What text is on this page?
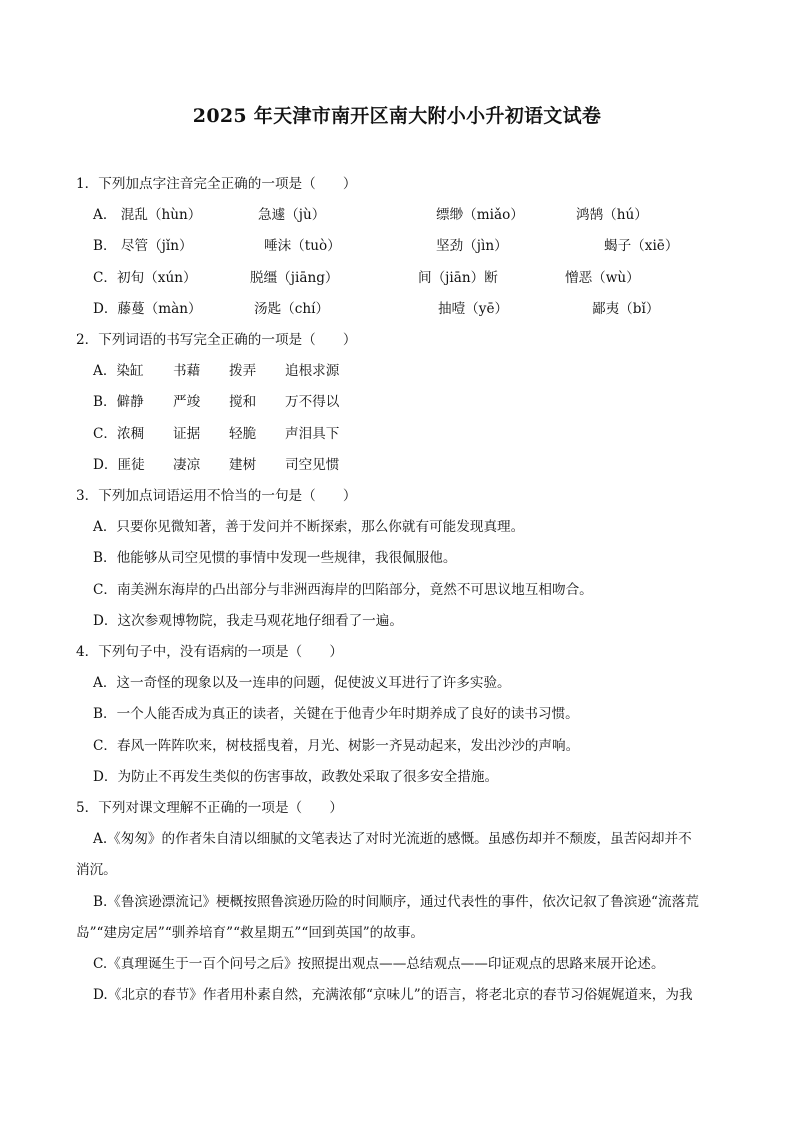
2025 年天津市南开区南大附小小升初语文试卷
1．下列加点字注音完全正确的一项是（　　）
A． 混乱（hùn）	急遽（jù）	缥缈（miǎo）	鸿鹄（hú）
B． 尽管（jǐn）	唾沫（tuò）	坚劲（jìn）	蝎子（xiē）
C．初旬（xún）	脱缰（jiāng）	间（jiān）断	憎恶（wù）
D．藤蔓（màn）	汤匙（chí）	抽噎（yē）	鄙夷（bǐ）
2．下列词语的书写完全正确的一项是（　　）
A．染缸 书藉 拨弄 追根求源
B．僻静 严竣 搅和 万不得以
C．浓稠 证据 轻脆 声泪具下
D．匪徒 凄凉 建树 司空见惯
3．下列加点词语运用不恰当的一句是（　　）
A．只要你见微知著，善于发问并不断探索，那么你就有可能发现真理。
B．他能够从司空见惯的事情中发现一些规律，我很佩服他。
C．南美洲东海岸的凸出部分与非洲西海岸的凹陷部分，竟然不可思议地互相吻合。
D．这次参观博物院，我走马观花地仔细看了一遍。
4．下列句子中，没有语病的一项是（　　）
A．这一奇怪的现象以及一连串的问题，促使波义耳进行了许多实验。
B．一个人能否成为真正的读者，关键在于他青少年时期养成了良好的读书习惯。
C．春风一阵阵吹来，树枝摇曳着，月光、树影一齐晃动起来，发出沙沙的声响。
D．为防止不再发生类似的伤害事故，政教处采取了很多安全措施。
5．下列对课文理解不正确的一项是（　　）
A.《匆匆》的作者朱自清以细腻的文笔表达了对时光流逝的感慨。虽感伤却并不颓废，虽苦闷却并不
消沉。
B.《鲁滨逊漂流记》梗概按照鲁滨逊历险的时间顺序，通过代表性的事件，依次记叙了鲁滨逊“流落荒
岛”“建房定居”“驯养培育”“救星期五”“回到英国”的故事。
C.《真理诞生于一百个问号之后》按照提出观点——总结观点——印证观点的思路来展开论述。
D.《北京的春节》作者用朴素自然，充满浓郁“京味儿”的语言，将老北京的春节习俗娓娓道来，为我
